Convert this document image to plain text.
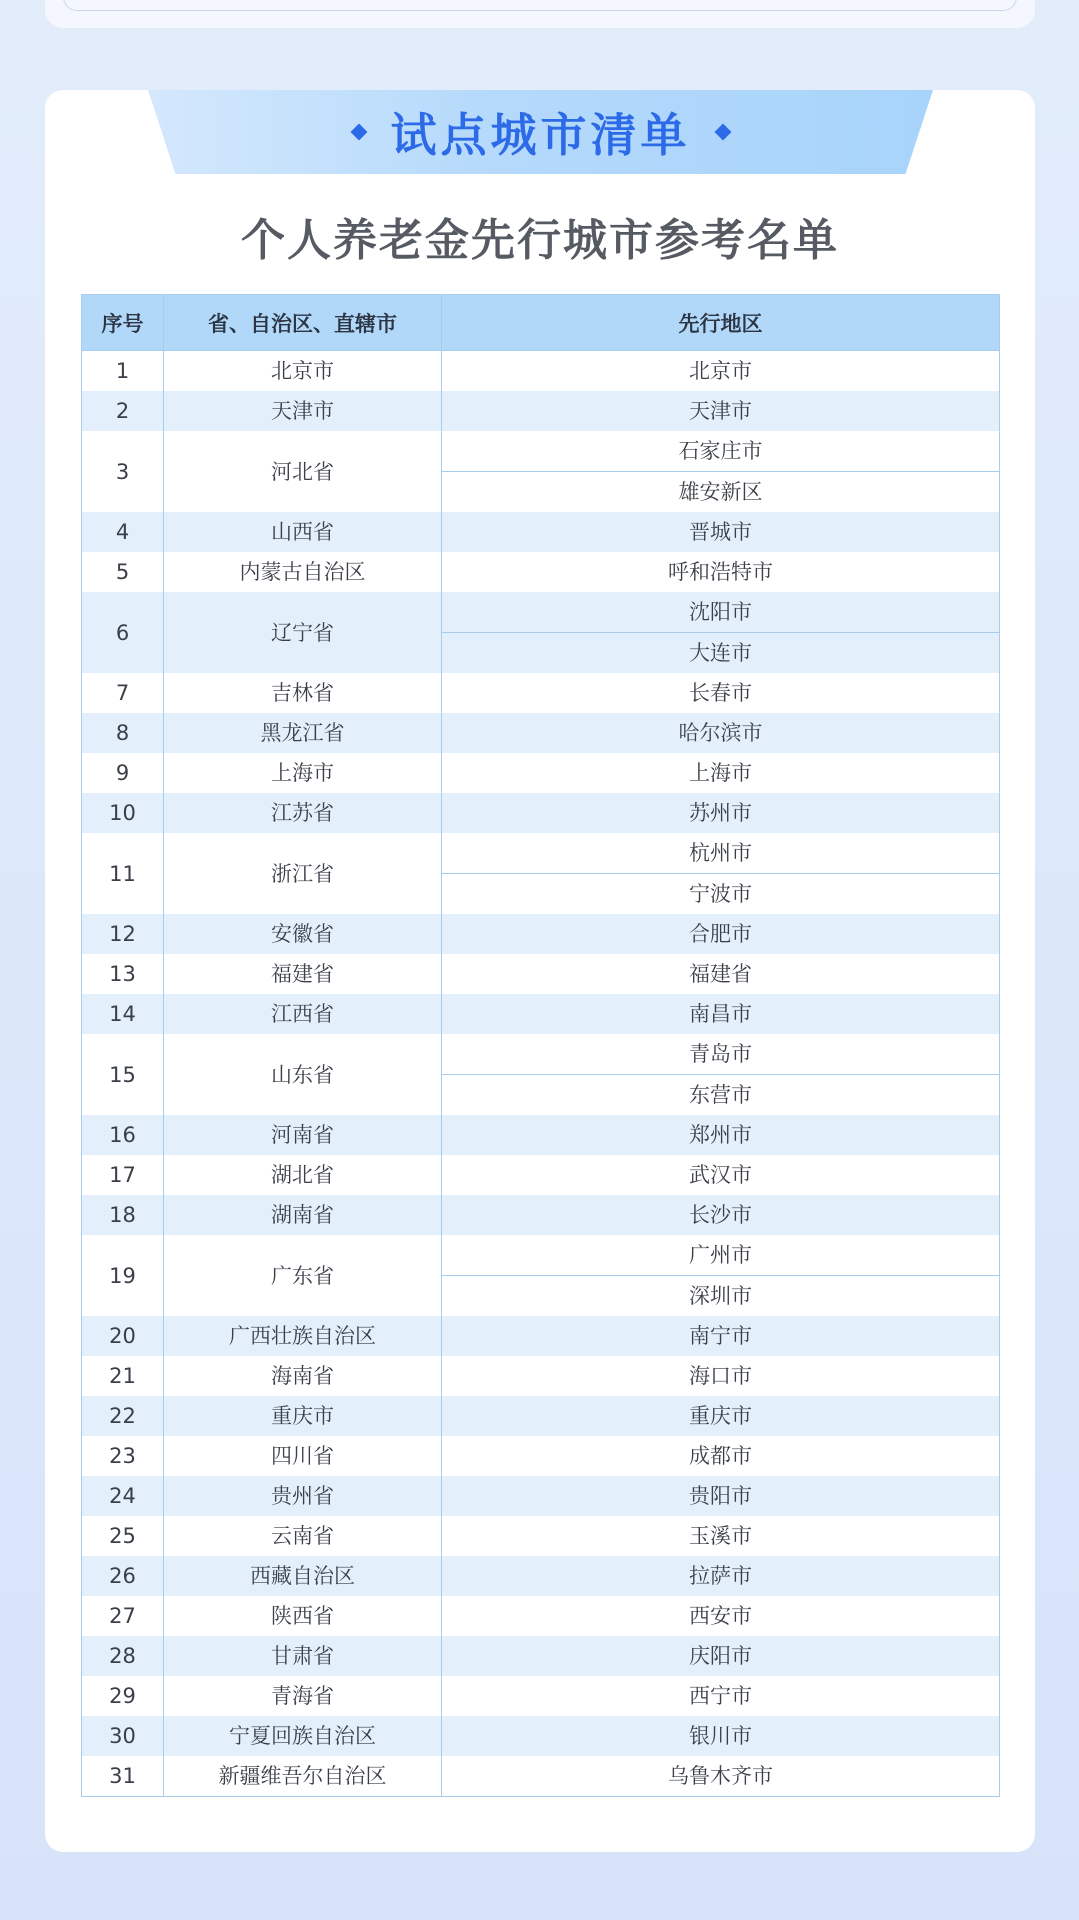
试点城市清单
个人养老金先行城市参考名单
序号	省、自治区、直辖市	先行地区
1	北京市	北京市
2	天津市	天津市
3	河北省	石家庄市
		雄安新区
4	山西省	晋城市
5	内蒙古自治区	呼和浩特市
6	辽宁省	沈阳市
		大连市
7	吉林省	长春市
8	黑龙江省	哈尔滨市
9	上海市	上海市
10	江苏省	苏州市
11	浙江省	杭州市
		宁波市
12	安徽省	合肥市
13	福建省	福建省
14	江西省	南昌市
15	山东省	青岛市
		东营市
16	河南省	郑州市
17	湖北省	武汉市
18	湖南省	长沙市
19	广东省	广州市
		深圳市
20	广西壮族自治区	南宁市
21	海南省	海口市
22	重庆市	重庆市
23	四川省	成都市
24	贵州省	贵阳市
25	云南省	玉溪市
26	西藏自治区	拉萨市
27	陕西省	西安市
28	甘肃省	庆阳市
29	青海省	西宁市
30	宁夏回族自治区	银川市
31	新疆维吾尔自治区	乌鲁木齐市
